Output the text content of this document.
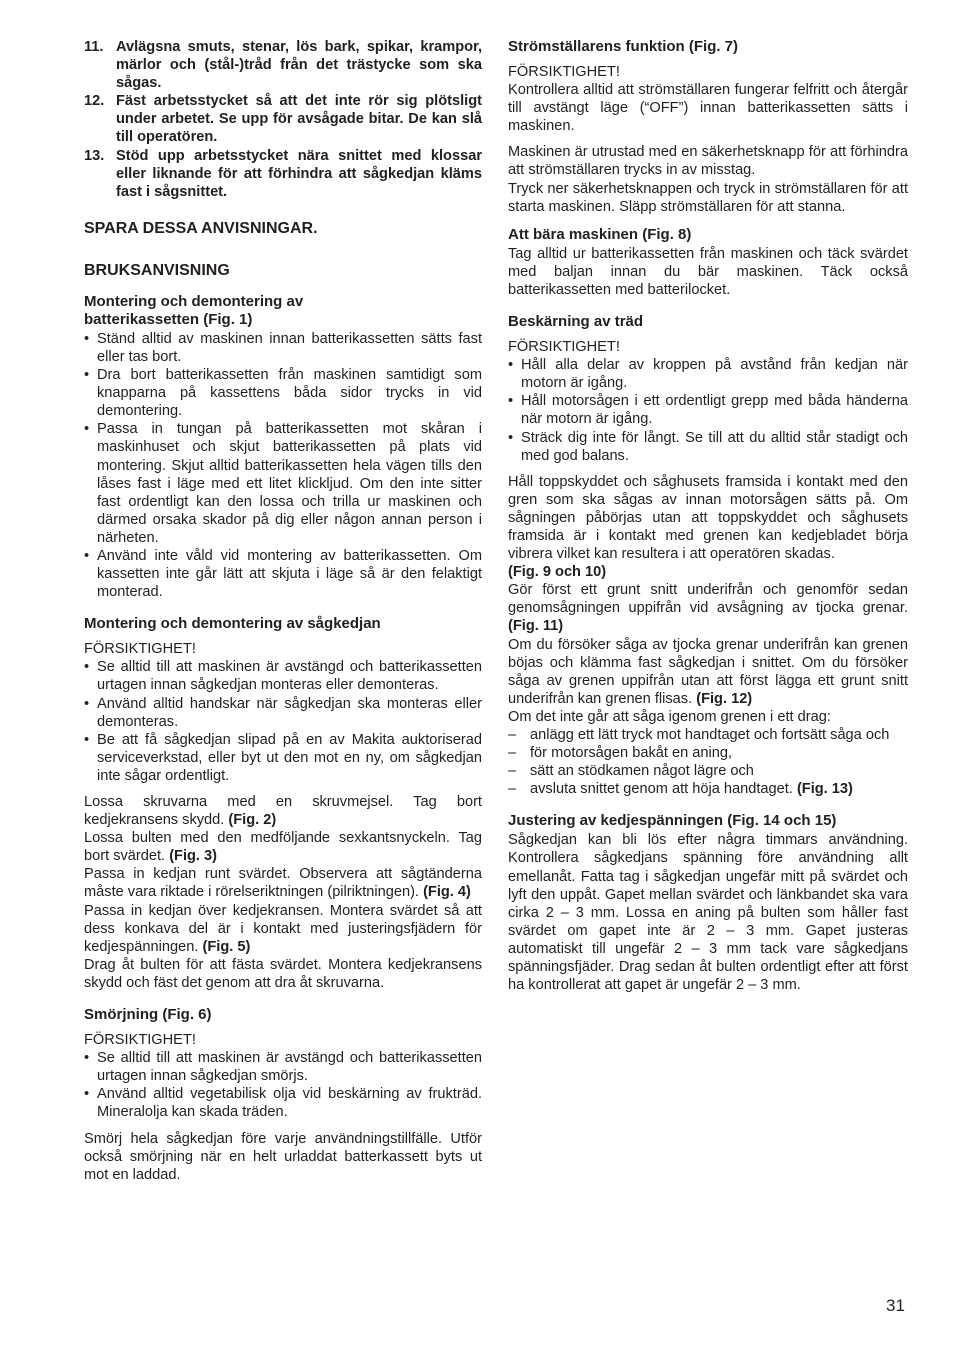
11. Avlägsna smuts, stenar, lös bark, spikar, krampor, märlor och (stål-)tråd från det trästycke som ska sågas.
12. Fäst arbetsstycket så att det inte rör sig plötsligt under arbetet. Se upp för avsågade bitar. De kan slå till operatören.
13. Stöd upp arbetsstycket nära snittet med klossar eller liknande för att förhindra att sågkedjan kläms fast i sågsnittet.
SPARA DESSA ANVISNINGAR.
BRUKSANVISNING
Montering och demontering av
batterikassetten (Fig. 1)
• Ständ alltid av maskinen innan batterikassetten sätts fast eller tas bort.
• Dra bort batterikassetten från maskinen samtidigt som knapparna på kassettens båda sidor trycks in vid demontering.
• Passa in tungan på batterikassetten mot skåran i maskinhuset och skjut batterikassetten på plats vid montering. Skjut alltid batterikassetten hela vägen tills den låses fast i läge med ett litet klickljud. Om den inte sitter fast ordentligt kan den lossa och trilla ur maskinen och därmed orsaka skador på dig eller någon annan person i närheten.
• Använd inte våld vid montering av batterikassetten. Om kassetten inte går lätt att skjuta i läge så är den felaktigt monterad.
Montering och demontering av sågkedjan

FÖRSIKTIGHET!

• Se alltid till att maskinen är avstängd och batterikassetten urtagen innan sågkedjan monteras eller demonteras.
• Använd alltid handskar när sågkedjan ska monteras eller demonteras.
• Be att få sågkedjan slipad på en av Makita auktoriserad serviceverkstad, eller byt ut den mot en ny, om sågkedjan inte sågar ordentligt.

Lossa skruvarna med en skruvmejsel. Tag bort kedjekransens skydd. (Fig. 2)

Lossa bulten med den medföljande sexkantsnyckeln. Tag bort svärdet. (Fig. 3)

Passa in kedjan runt svärdet. Observera att sågtänderna måste vara riktade i rörelseriktningen (pilriktningen). (Fig. 4)

Passa in kedjan över kedjekransen. Montera svärdet så att dess konkava del är i kontakt med justeringsfjädern för kedjespänningen. (Fig. 5)

Drag åt bulten för att fästa svärdet. Montera kedjekransens skydd och fäst det genom att dra åt skruvarna.

Smörjning (Fig. 6)

FÖRSIKTIGHET!

• Se alltid till att maskinen är avstängd och batterikassetten urtagen innan sågkedjan smörjs.
• Använd alltid vegetabilisk olja vid beskärning av frukträd. Mineralolja kan skada träden.

Smörj hela sågkedjan före varje användningstillfälle. Utför också smörjning när en helt urladdat batterkassett byts ut mot en laddad.

Strömställarens funktion (Fig. 7)

FÖRSIKTIGHET!

Kontrollera alltid att strömställaren fungerar felfritt och återgår till avstängt läge (“OFF”) innan batterikassetten sätts i maskinen.

Maskinen är utrustad med en säkerhetsknapp för att förhindra att strömställaren trycks in av misstag.

Tryck ner säkerhetsknappen och tryck in strömställaren för att starta maskinen. Släpp strömställaren för att stanna.

Att bära maskinen (Fig. 8)

Tag alltid ur batterikassetten från maskinen och täck svärdet med baljan innan du bär maskinen. Täck också batterikassetten med batterilocket.

Beskärning av träd

FÖRSIKTIGHET!

• Håll alla delar av kroppen på avstånd från kedjan när motorn är igång.
• Håll motorsågen i ett ordentligt grepp med båda händerna när motorn är igång.
• Sträck dig inte för långt. Se till att du alltid står stadigt och med god balans.

Håll toppskyddet och såghusets framsida i kontakt med den gren som ska sågas av innan motorsågen sätts på. Om sågningen påbörjas utan att toppskyddet och såghusets framsida är i kontakt med grenen kan kedjebladet börja vibrera vilket kan resultera i att operatören skadas.
(Fig. 9 och 10)

Gör först ett grunt snitt underifrån och genomför sedan genomsågningen uppifrån vid avsågning av tjocka grenar. (Fig. 11)

Om du försöker såga av tjocka grenar underifrån kan grenen böjas och klämma fast sågkedjan i snittet. Om du försöker såga av grenen uppifrån utan att först lägga ett grunt snitt underifrån kan grenen flisas. (Fig. 12)

Om det inte går att såga igenom grenen i ett drag:

– anlägg ett lätt tryck mot handtaget och fortsätt såga och
– för motorsågen bakåt en aning,
– sätt an stödkamen något lägre och
– avsluta snittet genom att höja handtaget. (Fig. 13)
Justering av kedjespänningen (Fig. 14 och 15)

Sågkedjan kan bli lös efter några timmars användning. Kontrollera sågkedjans spänning före användning allt emellanåt. Fatta tag i sågkedjan ungefär mitt på svärdet och lyft den uppåt. Gapet mellan svärdet och länkbandet ska vara cirka 2 – 3 mm. Lossa en aning på bulten som håller fast svärdet om gapet inte är 2 – 3 mm. Gapet justeras automatiskt till ungefär 2 – 3 mm tack vare sågkedjans spänningsfjäder. Drag sedan åt bulten ordentligt efter att först ha kontrollerat att gapet är ungefär 2 – 3 mm.

31
